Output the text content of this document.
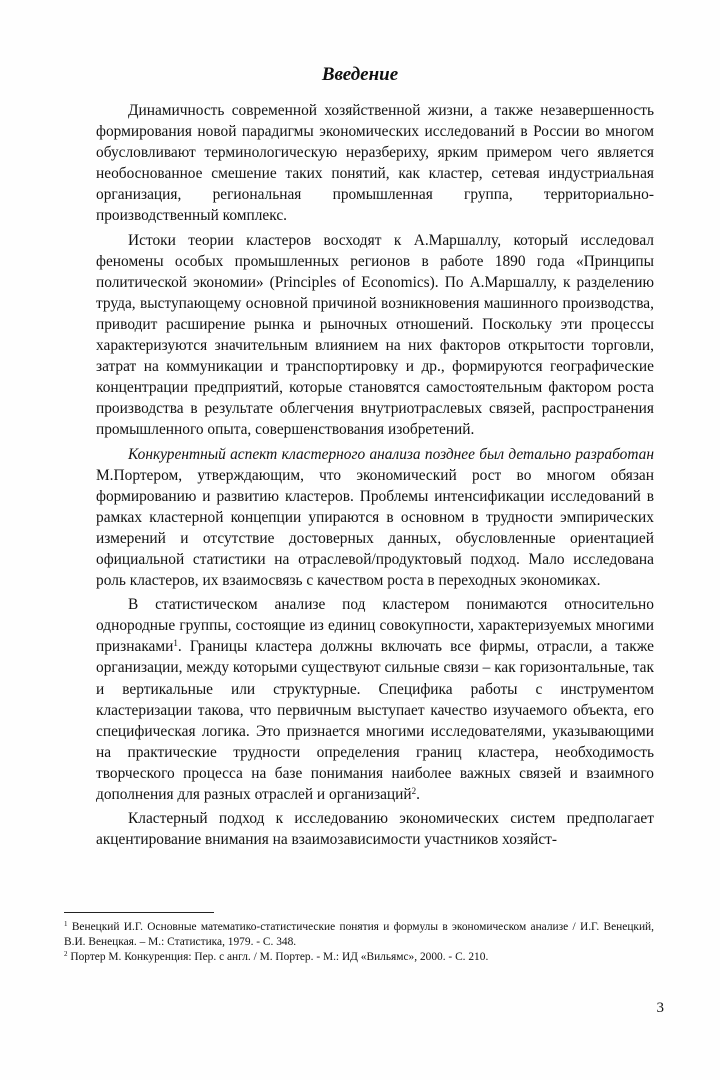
Введение

Динамичность современной хозяйственной жизни, а также незавершенность формирования новой парадигмы экономических исследований в России во многом обусловливают терминологическую неразбериху, ярким примером чего является необоснованное смешение таких понятий, как кластер, сетевая индустриальная организация, региональная промышленная группа, территориально-производственный комплекс.

Истоки теории кластеров восходят к А.Маршаллу, который исследовал феномены особых промышленных регионов в работе 1890 года «Принципы политической экономии» (Principles of Economics). По А.Маршаллу, к разделению труда, выступающему основной причиной возникновения машинного производства, приводит расширение рынка и рыночных отношений. Поскольку эти процессы характеризуются значительным влиянием на них факторов открытости торговли, затрат на коммуникации и транспортировку и др., формируются географические концентрации предприятий, которые становятся самостоятельным фактором роста производства в результате облегчения внутриотраслевых связей, распространения промышленного опыта, совершенствования изобретений.

Конкурентный аспект кластерного анализа позднее был детально разработан М.Портером, утверждающим, что экономический рост во многом обязан формированию и развитию кластеров. Проблемы интенсификации исследований в рамках кластерной концепции упираются в основном в трудности эмпирических измерений и отсутствие достоверных данных, обусловленные ориентацией официальной статистики на отраслевой/продуктовый подход. Мало исследована роль кластеров, их взаимосвязь с качеством роста в переходных экономиках.

В статистическом анализе под кластером понимаются относительно однородные группы, состоящие из единиц совокупности, характеризуемых многими признаками$^1$. Границы кластера должны включать все фирмы, отрасли, а также организации, между которыми существуют сильные связи – как горизонтальные, так и вертикальные или структурные. Специфика работы с инструментом кластеризации такова, что первичным выступает качество изучаемого объекта, его специфическая логика. Это признается многими исследователями, указывающими на практические трудности определения границ кластера, необходимость творческого процесса на базе понимания наиболее важных связей и взаимного дополнения для разных отраслей и организаций$^2$.

Кластерный подход к исследованию экономических систем предполагает акцентирование внимания на взаимозависимости участников хозяйст-

$^1$ Венецкий И.Г. Основные математико-статистические понятия и формулы в экономическом анализе / И.Г. Венецкий, В.И. Венецкая. – М.: Статистика, 1979. - С. 348.
$^2$ Портер М. Конкуренция: Пер. с англ. / М. Портер. - М.: ИД «Вильямс», 2000. - С. 210.
3
